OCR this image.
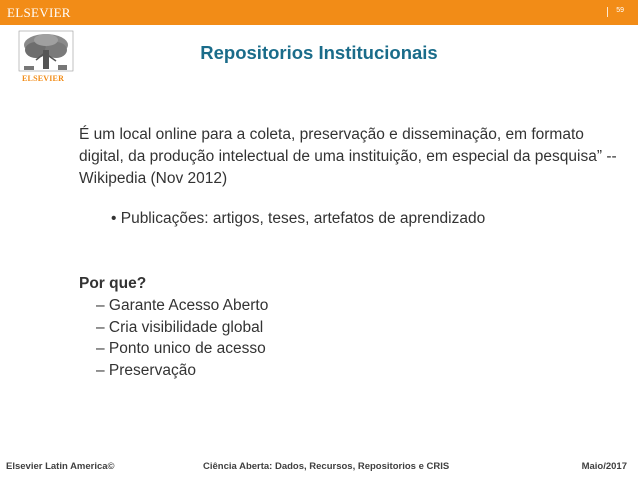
ELSEVIER	59
ELSEVIER
Repositorios Institucionais
É um local online para a coleta, preservação e disseminação, em formato digital, da produção intelectual de uma instituição, em especial da pesquisa” -- Wikipedia (Nov 2012)
• Publicações: artigos, teses, artefatos de aprendizado
Por que?
– Garante Acesso Aberto
– Cria visibilidade global
– Ponto unico de acesso
– Preservação
Elsevier Latin America©	Ciência Aberta: Dados, Recursos, Repositorios e CRIS	Maio/2017
